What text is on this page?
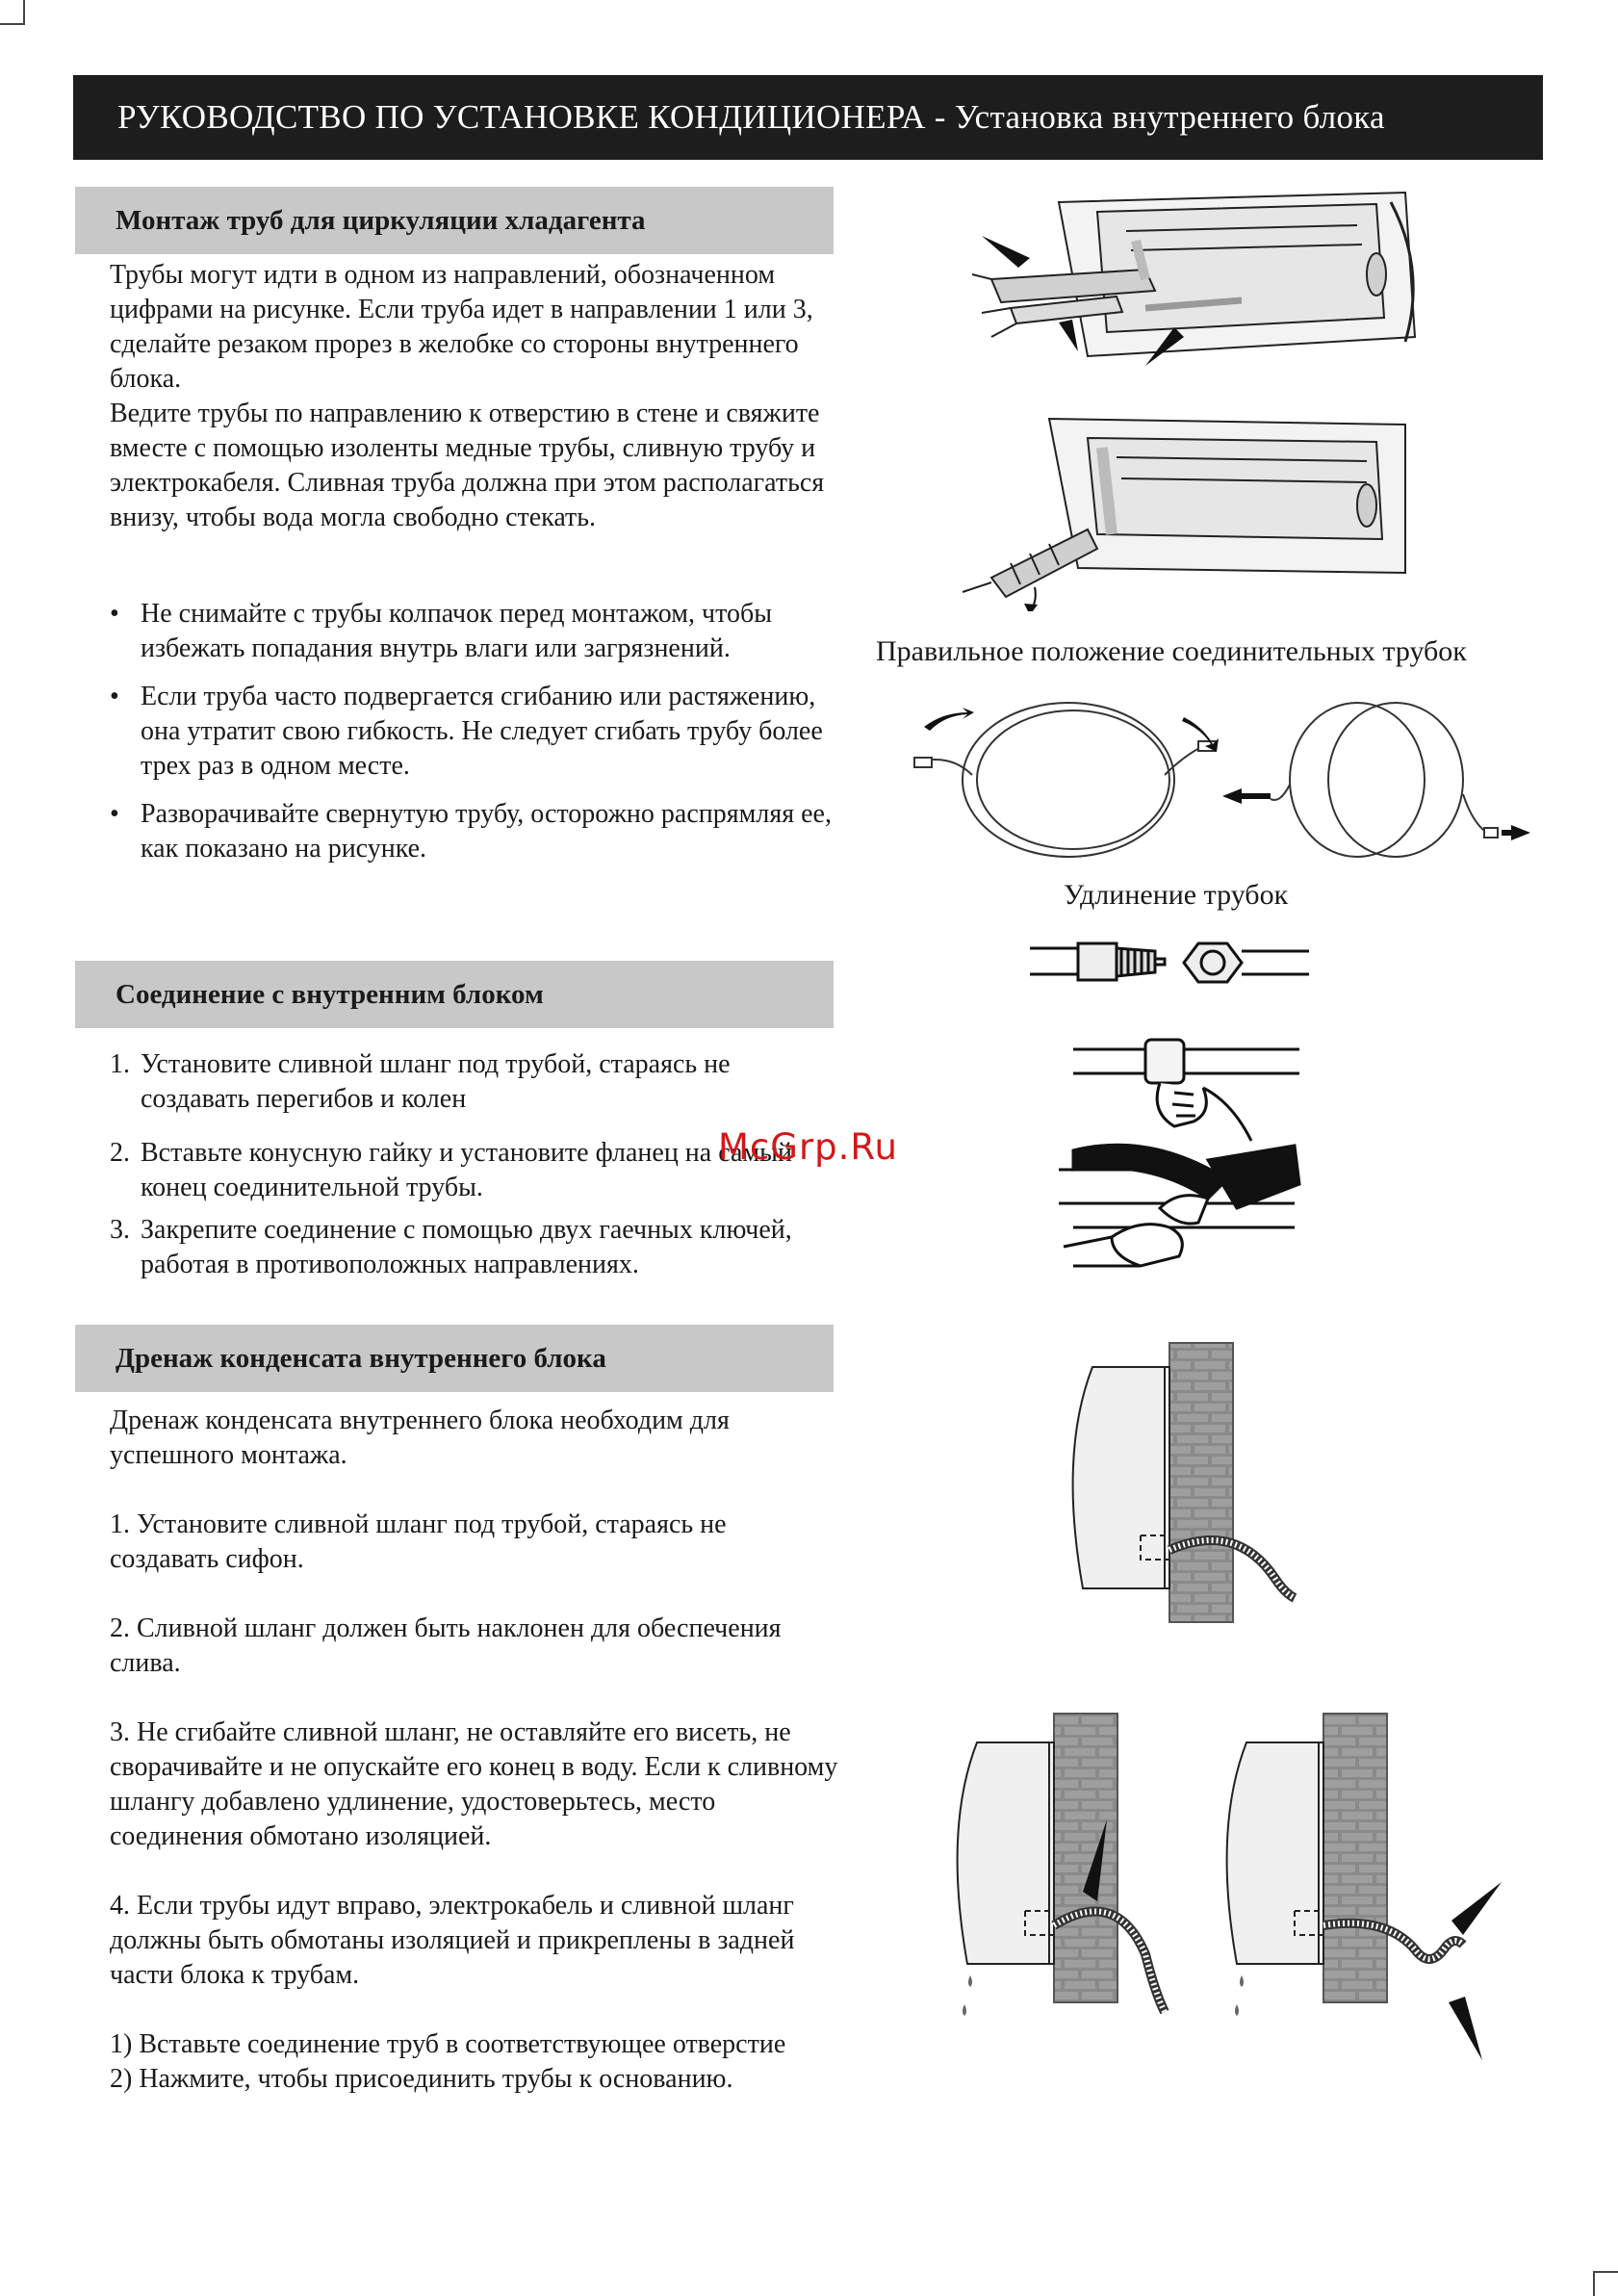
РУКОВОДСТВО ПО УСТАНОВКЕ КОНДИЦИОНЕРА - Установка внутреннего блока
Монтаж труб для циркуляции хладагента

Трубы могут идти в одном из направлений, обозначенном цифрами на рисунке. Если труба идет в направлении 1 или 3, сделайте резаком прорез в желобке со стороны внутреннего блока.

Ведите трубы по направлению к отверстию в стене и свяжите вместе с помощью изоленты медные трубы, сливную трубу и электрокабеля. Сливная труба должна при этом располагаться внизу, чтобы вода могла свободно стекать.

• Не снимайте с трубы колпачок перед монтажом, чтобы избежать попадания внутрь влаги или загрязнений.
• Если труба часто подвергается сгибанию или растяжению, она утратит свою гибкость. Не следует сгибать трубу более трех раз в одном месте.
• Разворачивайте свернутую трубу, осторожно распрямляя ее, как показано на рисунке.
Соединение с внутренним блоком
1. Установите сливной шланг под трубой, стараясь не создавать перегибов и колен
2. Вставьте конусную гайку и установите фланец на самый конец соединительной трубы.
3. Закрепите соединение с помощью двух гаечных ключей, работая в противоположных направлениях.
Дренаж конденсата внутреннего блока

Дренаж конденсата внутреннего блока необходим для успешного монтажа.

1. Установите сливной шланг под трубой, стараясь не создавать сифон.

2. Сливной шланг должен быть наклонен для обеспечения слива.

3. Не сгибайте сливной шланг, не оставляйте его висеть, не сворачивайте и не опускайте его конец в воду. Если к сливному шлангу добавлено удлинение, удостоверьтесь, место соединения обмотано изоляцией.

4. Если трубы идут вправо, электрокабель и сливной шланг должны быть обмотаны изоляцией и прикреплены в задней части блока к трубам.

1) Вставьте соединение труб в соответствующее отверстие

2) Нажмите, чтобы присоединить трубы к основанию.

Правильное положение соединительных трубок
Удлинение трубок
McGrp.Ru
